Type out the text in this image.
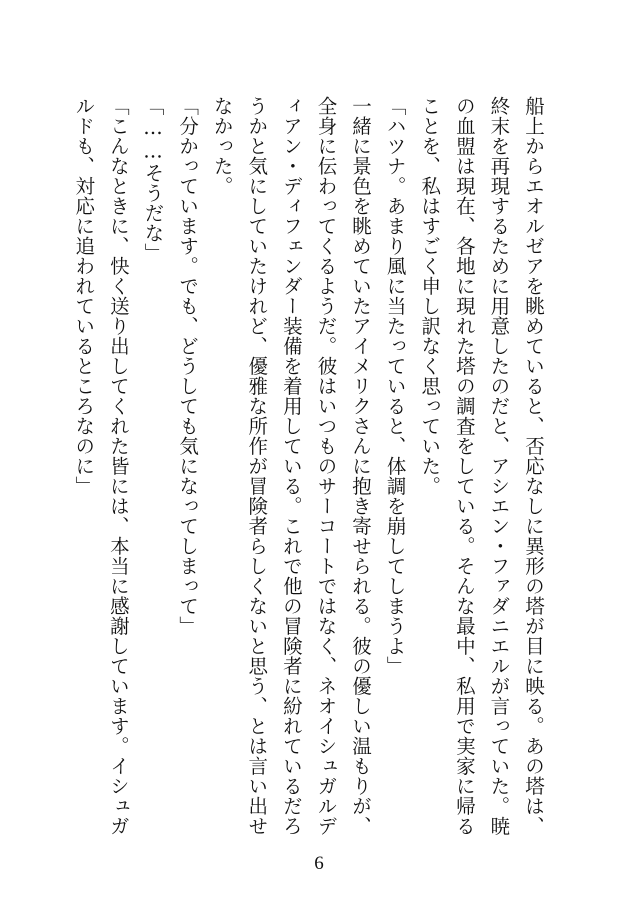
船上からエオルゼアを眺めていると、否応なしに異形の塔が目に映る。あの塔は、終末を再現するために用意したのだと、アシエン・ファダニエルが言っていた。暁の血盟は現在、各地に現れた塔の調査をしている。そんな最中、私用で実家に帰ることを、私はすごく申し訳なく思っていた。
「ハツナ。あまり風に当たっていると、体調を崩してしまうよ」
一緒に景色を眺めていたアイメリクさんに抱き寄せられる。彼の優しい温もりが、全身に伝わってくるようだ。彼はいつものサーコートではなく、ネオイシュガルディアン・ディフェンダー装備を着用している。これで他の冒険者に紛れているだろうかと気にしていたけれど、優雅な所作が冒険者らしくないと思う、とは言い出せなかった。
「分かっています。でも、どうしても気になってしまって」
「……そうだな」
「こんなときに、快く送り出してくれた皆には、本当に感謝しています。イシュガルドも、対応に追われているところなのに」
6
